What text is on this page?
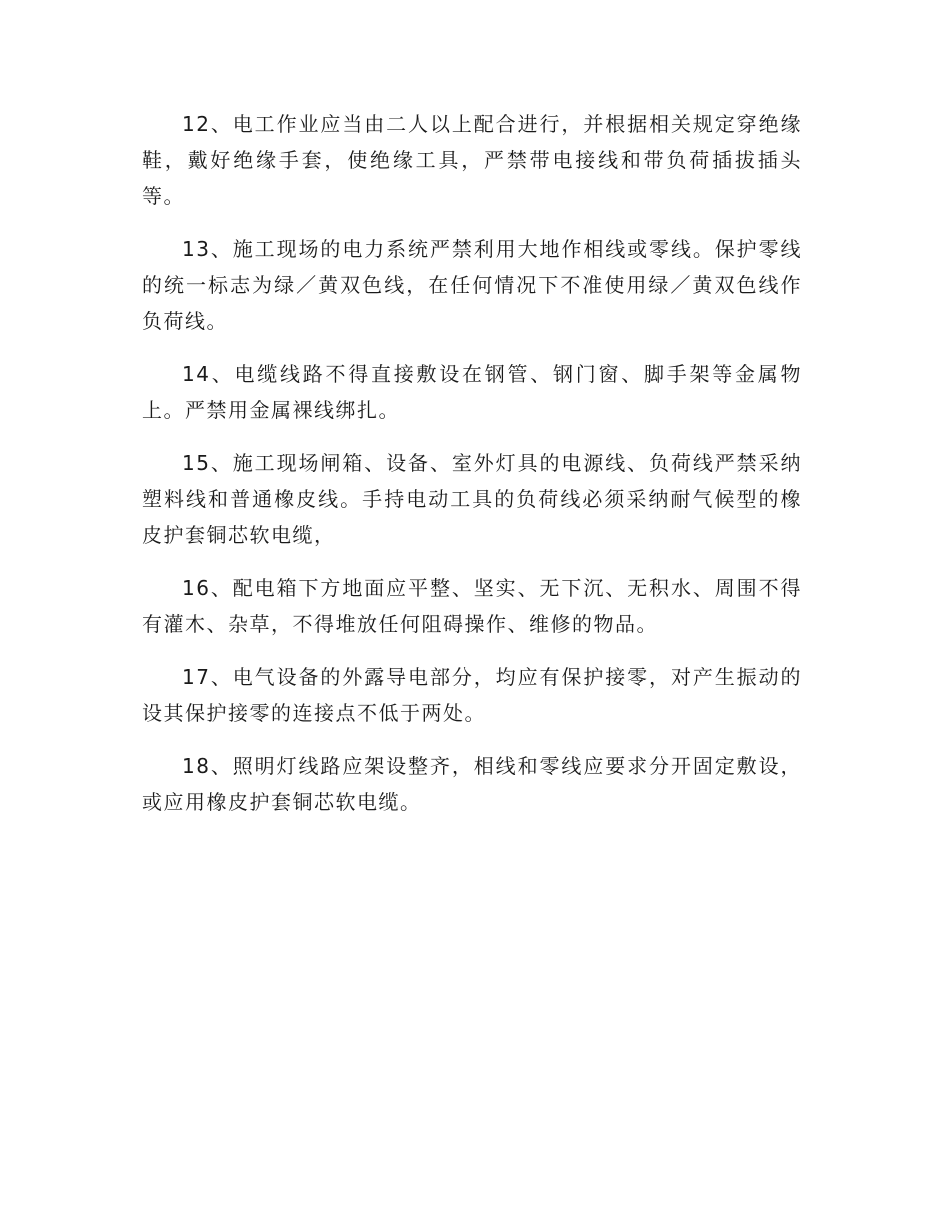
12、电工作业应当由二人以上配合进行，并根据相关规定穿绝缘鞋，戴好绝缘手套，使绝缘工具，严禁带电接线和带负荷插拔插头等。

13、施工现场的电力系统严禁利用大地作相线或零线。保护零线的统一标志为绿／黄双色线，在任何情况下不准使用绿／黄双色线作负荷线。

14、电缆线路不得直接敷设在钢管、钢门窗、脚手架等金属物上。严禁用金属裸线绑扎。

15、施工现场闸箱、设备、室外灯具的电源线、负荷线严禁采纳塑料线和普通橡皮线。手持电动工具的负荷线必须采纳耐气候型的橡皮护套铜芯软电缆，

16、配电箱下方地面应平整、坚实、无下沉、无积水、周围不得有灌木、杂草，不得堆放任何阻碍操作、维修的物品。

17、电气设备的外露导电部分，均应有保护接零，对产生振动的设其保护接零的连接点不低于两处。

18、照明灯线路应架设整齐，相线和零线应要求分开固定敷设，或应用橡皮护套铜芯软电缆。
